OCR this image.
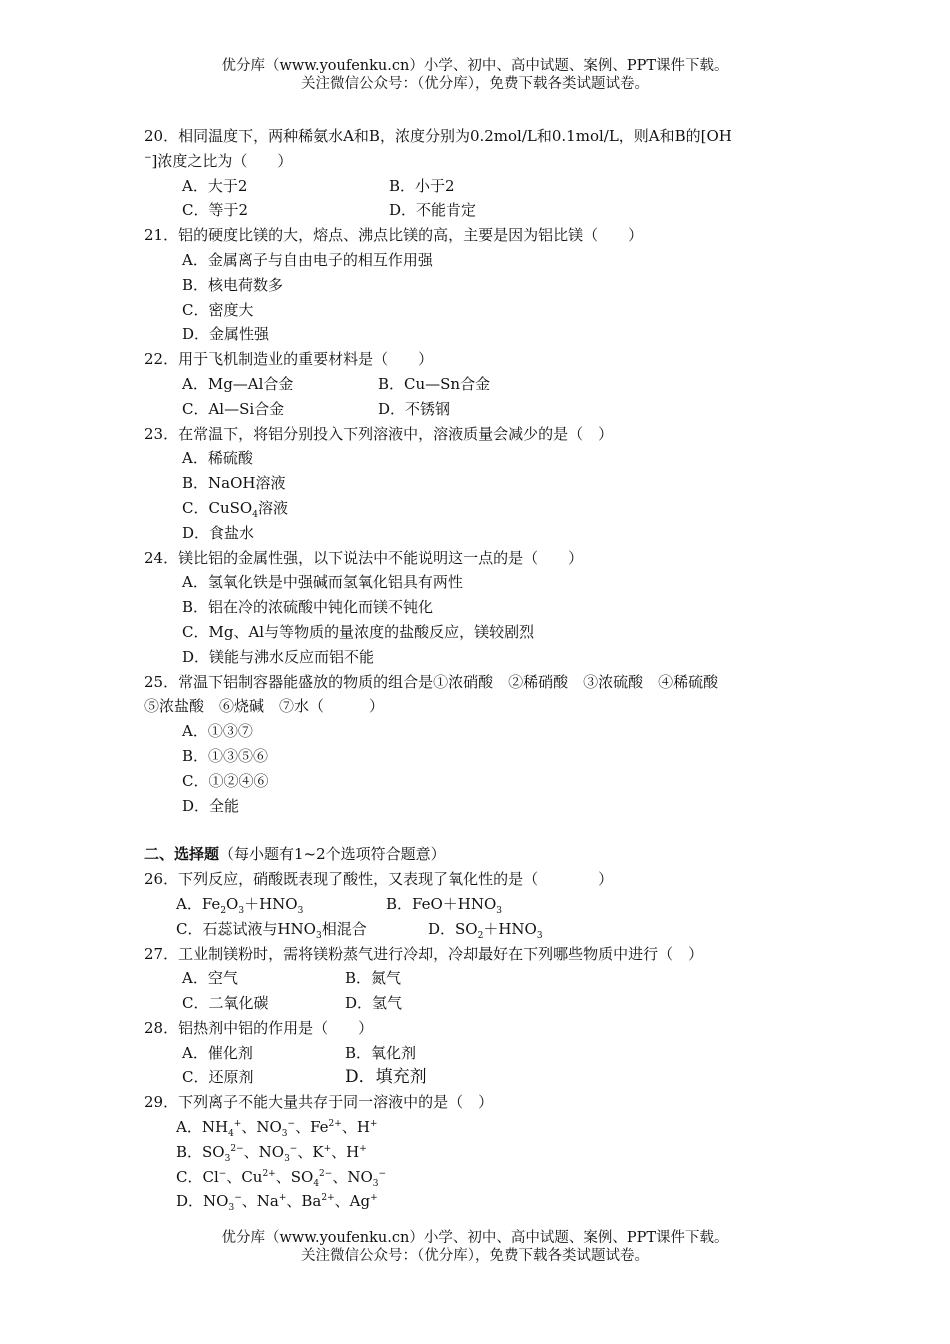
优分库（www.youfenku.cn）小学、初中、高中试题、案例、PPT课件下载。
关注微信公众号：（优分库），免费下载各类试题试卷。
20．相同温度下，两种稀氨水A和B，浓度分别为0.2mol/L和0.1mol/L，则A和B的[OH
−]浓度之比为（　　）
A．大于2	B．小于2
C．等于2	D．不能肯定
21．铝的硬度比镁的大，熔点、沸点比镁的高，主要是因为铝比镁（　　）
A．金属离子与自由电子的相互作用强
B．核电荷数多
C．密度大
D．金属性强
22．用于飞机制造业的重要材料是（　　）
A．Mg—Al合金	B．Cu—Sn合金
C．Al—Si合金	D．不锈钢
23．在常温下，将铝分别投入下列溶液中，溶液质量会减少的是（　）
A．稀硫酸
B．NaOH溶液
C．CuSO$_4$溶液
D．食盐水
24．镁比铝的金属性强，以下说法中不能说明这一点的是（　　）
A．氢氧化铁是中强碱而氢氧化铝具有两性
B．铝在冷的浓硫酸中钝化而镁不钝化
C．Mg、Al与等物质的量浓度的盐酸反应，镁较剧烈
D．镁能与沸水反应而铝不能
25．常温下铝制容器能盛放的物质的组合是①浓硝酸　②稀硝酸　③浓硫酸　④稀硫酸
⑤浓盐酸　⑥烧碱　⑦水（　　　）
A．①③⑦
B．①③⑤⑥
C．①②④⑥
D．全能
二、选择题（每小题有1~2个选项符合题意）
26．下列反应，硝酸既表现了酸性，又表现了氧化性的是（　　　　）
A．$Fe_2O_3+HNO_3$	B．$FeO+HNO_3$
C．石蕊试液与$HNO_3$相混合	D．$SO_2+HNO_3$
27．工业制镁粉时，需将镁粉蒸气进行冷却，冷却最好在下列哪些物质中进行（　）
A．空气	B．氮气
C．二氧化碳	D．氢气
28．铝热剂中铝的作用是（　　）
A．催化剂	B．氧化剂
C．还原剂	D．填充剂
29．下列离子不能大量共存于同一溶液中的是（　）
A．$NH_4^+$、$NO_3^-$、$Fe^{2+}$、H+
B．$SO_3^{2-}$、$NO_3^-$、K+、H+
C．Cl−、$Cu^{2+}$、$SO_4^{2-}$、$NO_3^-$
D．$NO_3^-$、Na+、$Ba^{2+}$、Ag+
优分库（www.youfenku.cn）小学、初中、高中试题、案例、PPT课件下载。
关注微信公众号：（优分库），免费下载各类试题试卷。
